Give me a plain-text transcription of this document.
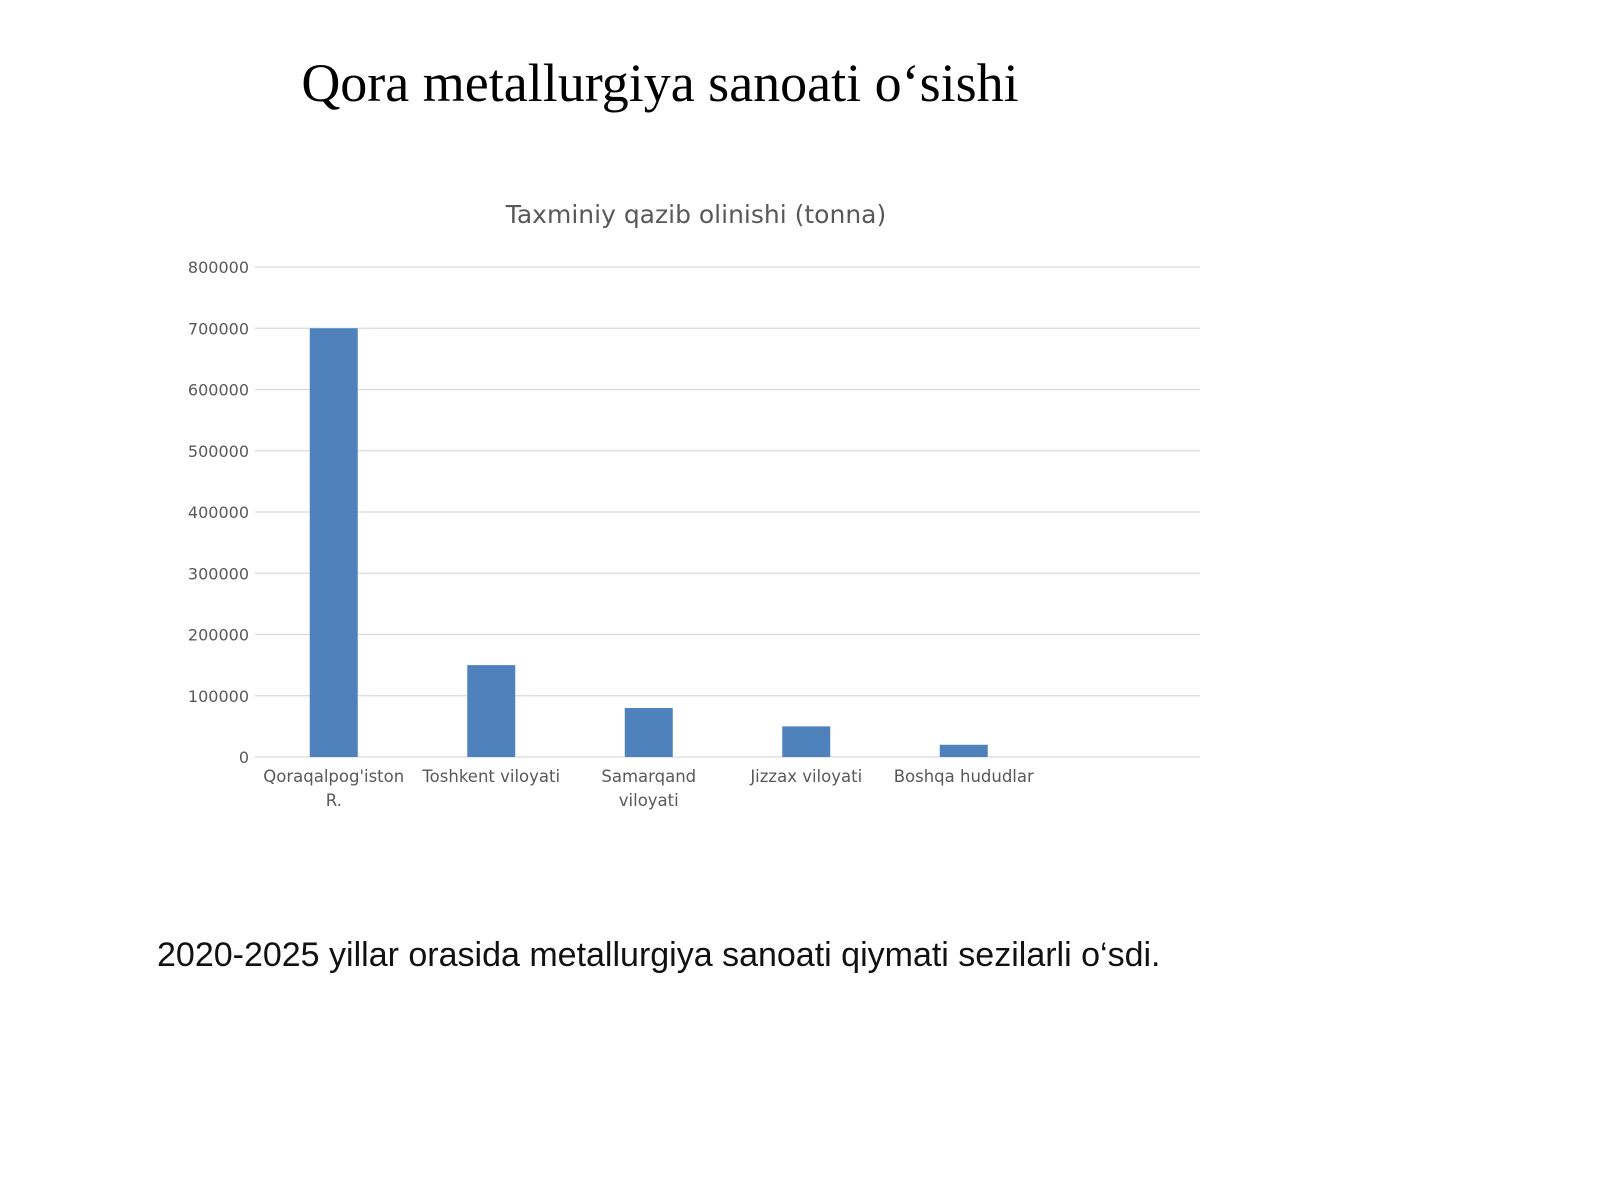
Qora metallurgiya sanoati o‘sishi
Taxminiy qazib olinishi (tonna)
0
100000
200000
300000
400000
500000
600000
700000
800000
Qoraqalpog'iston R.
Toshkent viloyati	Samarqand viloyati
Jizzax viloyati Boshqa hududlar
2020-2025 yillar orasida metallurgiya sanoati qiymati sezilarli o‘sdi.
